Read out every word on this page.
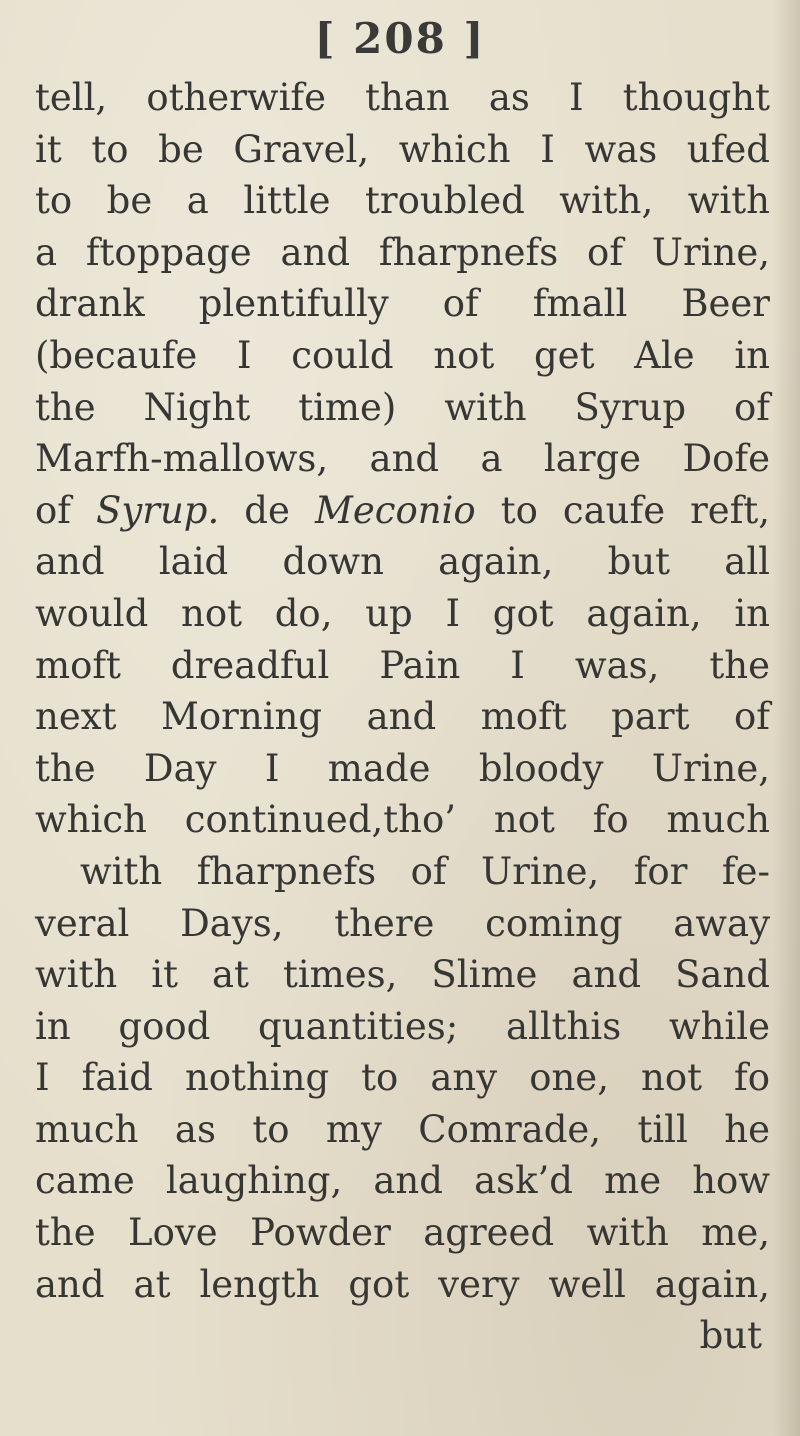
[ 208 ]
tell, otherwife than as I thought
it to be Gravel, which I was ufed
to be a little troubled with, with
a ftoppage and fharpnefs of Urine,
drank plentifully of fmall Beer
(becaufe I could not get Ale in
the Night time) with Syrup of
Marfh-mallows, and a large Dofe
of Syrup. de Meconio to caufe reft,
and laid down again, but all
would not do, up I got again, in
moft dreadful Pain I was, the
next Morning and moft part of
the Day I made bloody Urine,
which continued,tho’ not fo much
with fharpnefs of Urine, for fe-
veral Days, there coming away
with it at times, Slime and Sand
in good quantities; allthis while
I faid nothing to any one, not fo
much as to my Comrade, till he
came laughing, and ask’d me how
the Love Powder agreed with me,
and at length got very well again,
but
